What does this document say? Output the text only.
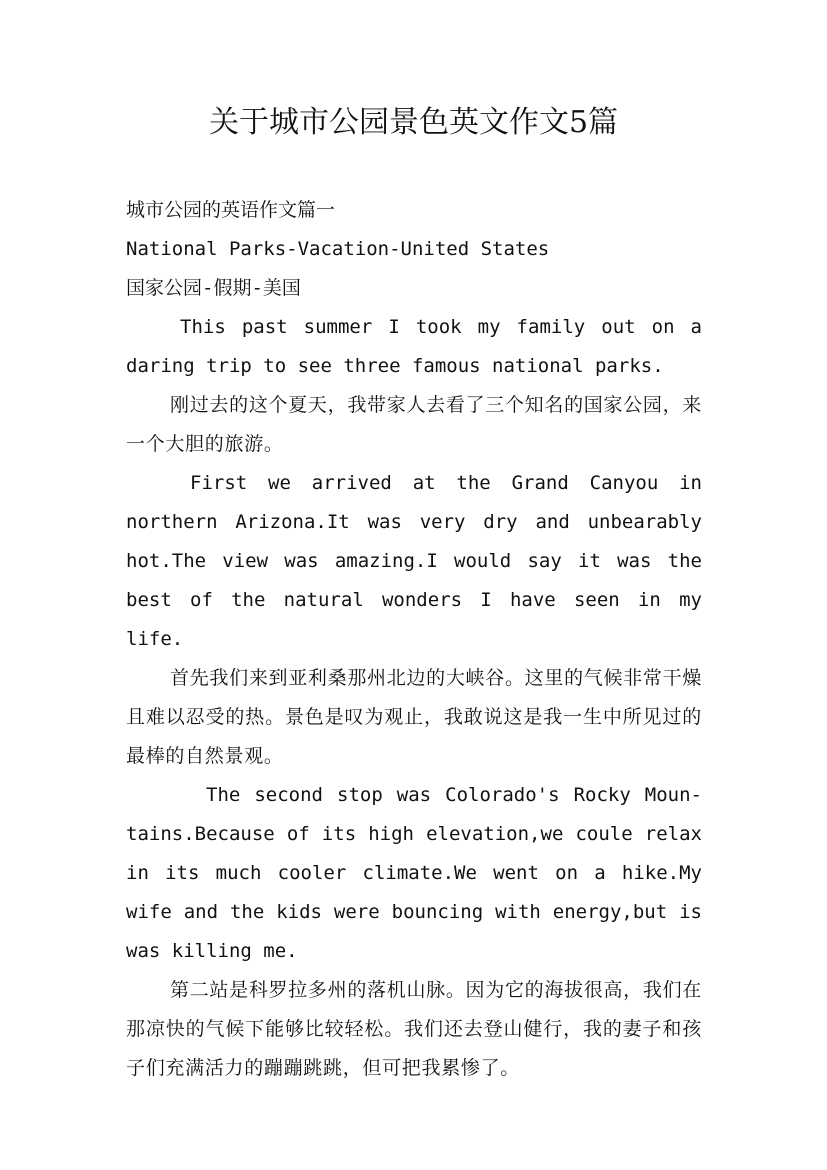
关于城市公园景色英文作文5篇

城市公园的英语作文篇一

National Parks-Vacation-United States

国家公园-假期-美国

This past summer I took my family out on a daring trip to see three famous national parks.

刚过去的这个夏天，我带家人去看了三个知名的国家公园，来一个大胆的旅游。

First we arrived at the Grand Canyou in northern Arizona.It was very dry and unbearably hot.The view was amazing.I would say it was the best of the natural wonders I have seen in my life.

首先我们来到亚利桑那州北边的大峡谷。这里的气候非常干燥且难以忍受的热。景色是叹为观止，我敢说这是我一生中所见过的最棒的自然景观。

The second stop was Colorado's Rocky Moun-tains.Because of its high elevation,we coule relax in its much cooler climate.We went on a hike.My wife and the kids were bouncing with energy,but is was killing me.

第二站是科罗拉多州的落机山脉。因为它的海拔很高，我们在那凉快的气候下能够比较轻松。我们还去登山健行，我的妻子和孩子们充满活力的蹦蹦跳跳，但可把我累惨了。
